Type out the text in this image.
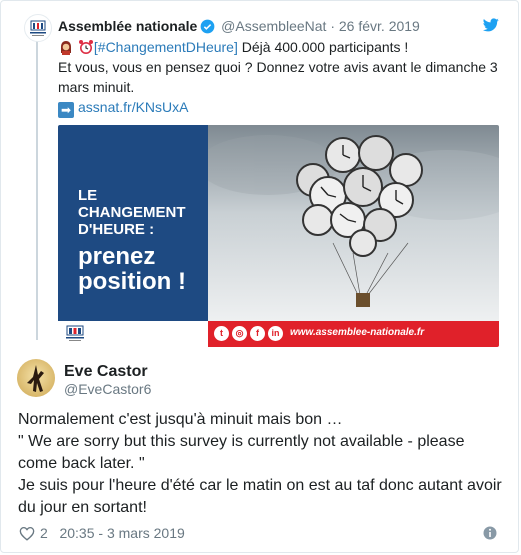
Assemblée nationale @AssembleeNat · 26 févr. 2019
[#ChangementDHeure] Déjà 400.000 participants !
Et vous, vous en pensez quoi ? Donnez votre avis avant le dimanche 3 mars minuit.
➡ assnat.fr/KNsUxA
LE CHANGEMENT D'HEURE :
prenez position !
t	◎	f	in	www.assemblee-nationale.fr
Eve Castor
@EveCastor6

Normalement c'est jusqu'à minuit mais bon …

" We are sorry but this survey is currently not available - please come back later. "

Je suis pour l'heure d'été car le matin on est au taf donc autant avoir du jour en sortant!

2 20:35 - 3 mars 2019
